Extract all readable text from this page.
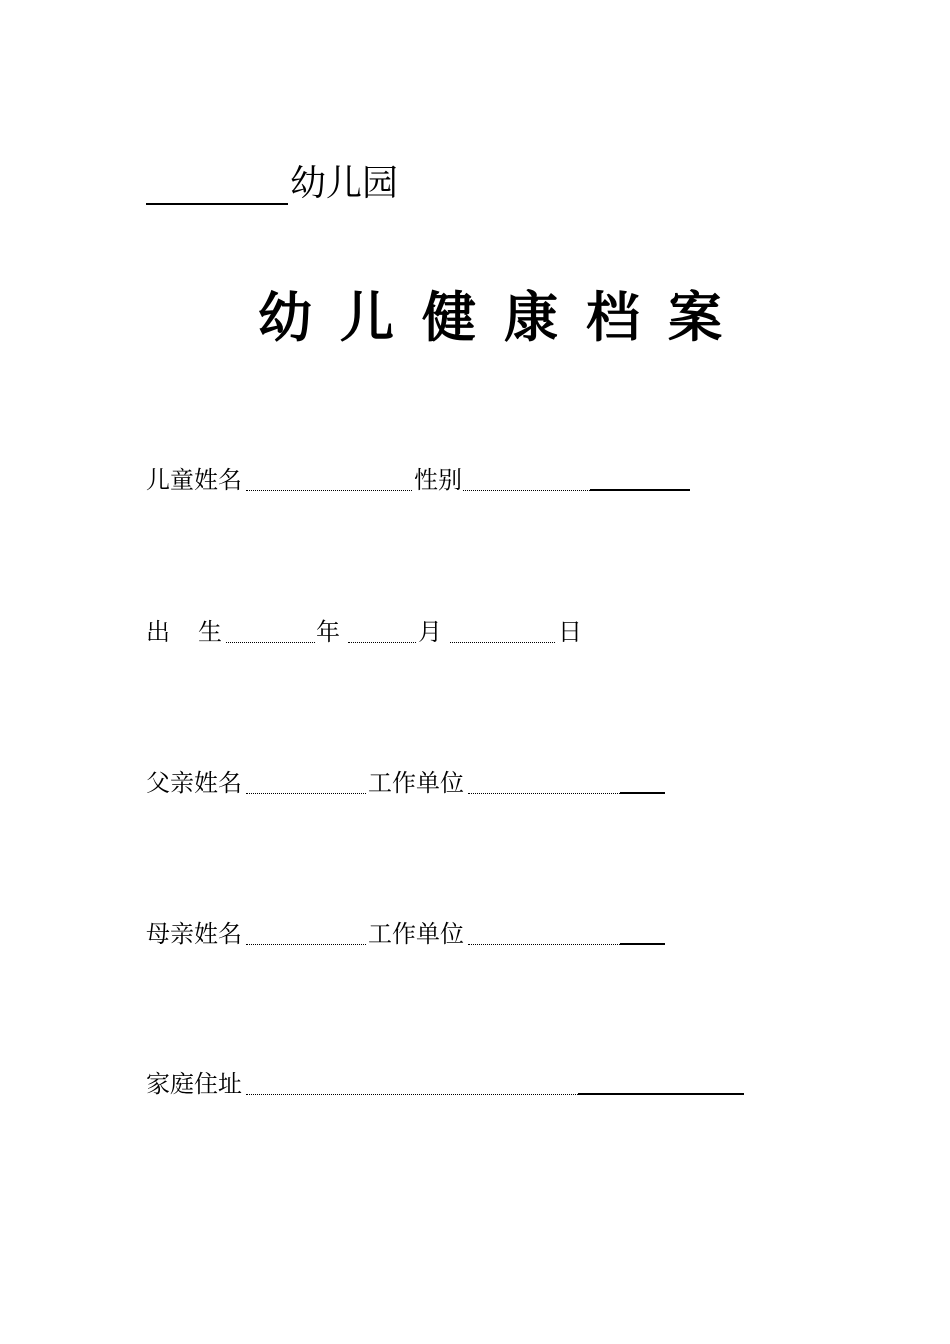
幼儿园
幼儿健康档案
儿童姓名	性别
出 生	年	月	日
父亲姓名	工作单位
母亲姓名	工作单位
家庭住址
